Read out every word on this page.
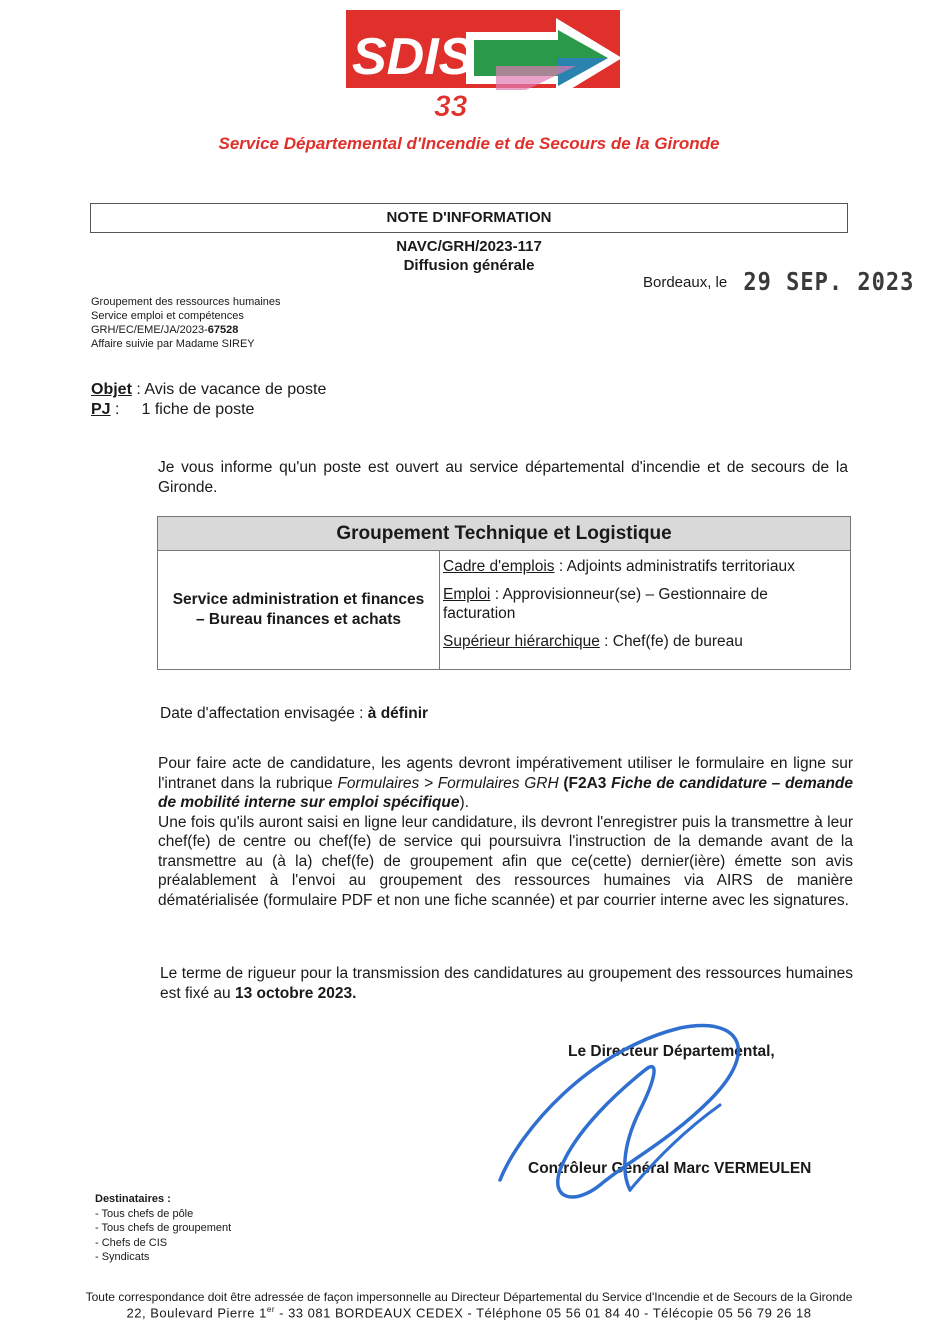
SDIS
33
Service Départemental d'Incendie et de Secours de la Gironde
NOTE D'INFORMATION
NAVC/GRH/2023-117
Diffusion générale
Bordeaux, le 29 SEP. 2023
Groupement des ressources humaines
Service emploi et compétences
GRH/EC/EME/JA/2023-67528
Affaire suivie par Madame SIREY
Objet : Avis de vacance de poste
PJ : 1 fiche de poste
Je vous informe qu'un poste est ouvert au service départemental d'incendie et de secours de la Gironde.
Groupement Technique et Logistique
Service administration et finances – Bureau finances et achats
Cadre d'emplois : Adjoints administratifs territoriaux
Emploi : Approvisionneur(se) – Gestionnaire de facturation
Supérieur hiérarchique : Chef(fe) de bureau
Date d'affectation envisagée : à définir
Pour faire acte de candidature, les agents devront impérativement utiliser le formulaire en ligne sur l'intranet dans la rubrique Formulaires > Formulaires GRH (F2A3 Fiche de candidature – demande de mobilité interne sur emploi spécifique).
Une fois qu'ils auront saisi en ligne leur candidature, ils devront l'enregistrer puis la transmettre à leur chef(fe) de centre ou chef(fe) de service qui poursuivra l'instruction de la demande avant de la transmettre au (à la) chef(fe) de groupement afin que ce(cette) dernier(ière) émette son avis préalablement à l'envoi au groupement des ressources humaines via AIRS de manière dématérialisée (formulaire PDF et non une fiche scannée) et par courrier interne avec les signatures.
Le terme de rigueur pour la transmission des candidatures au groupement des ressources humaines est fixé au 13 octobre 2023.
Le Directeur Départemental,
Contrôleur Général Marc VERMEULEN
Destinataires :
- Tous chefs de pôle
- Tous chefs de groupement
- Chefs de CIS
- Syndicats
Toute correspondance doit être adressée de façon impersonnelle au Directeur Départemental du Service d'Incendie et de Secours de la Gironde
22, Boulevard Pierre 1er - 33 081 BORDEAUX CEDEX - Téléphone 05 56 01 84 40 - Télécopie 05 56 79 26 18
